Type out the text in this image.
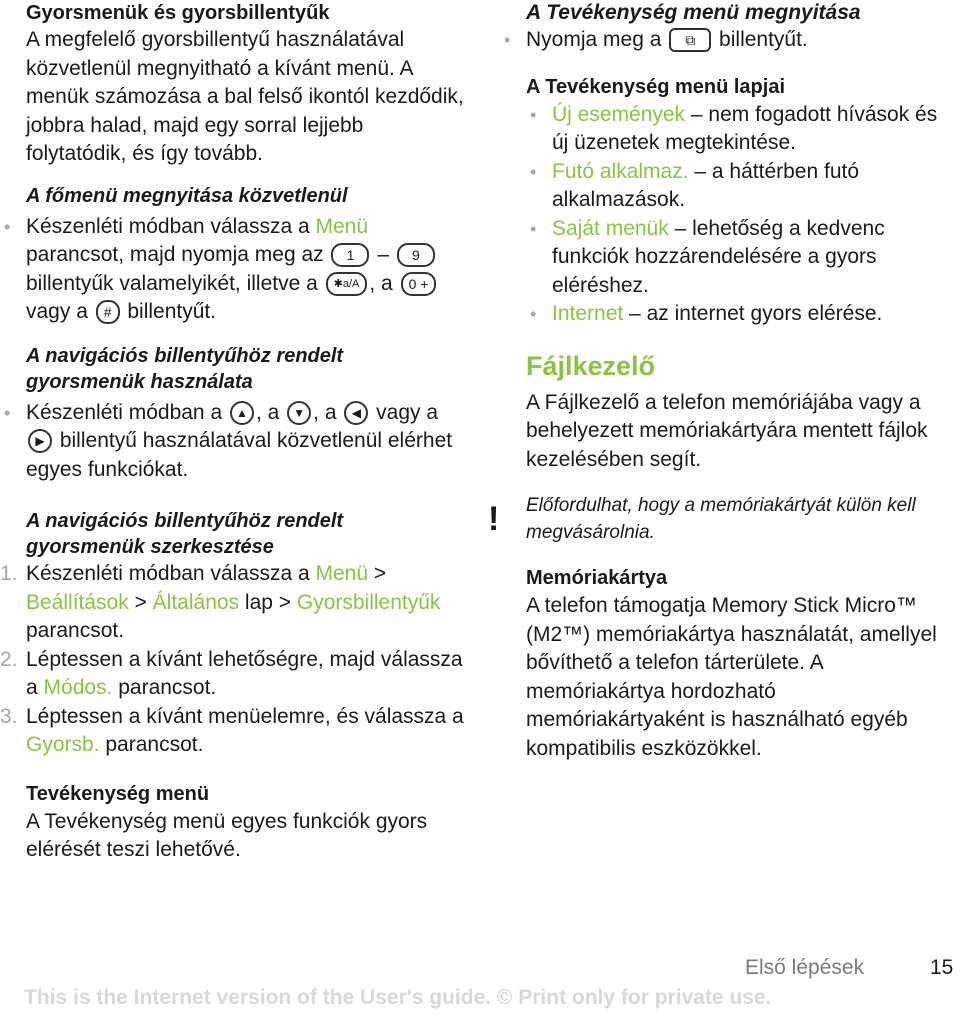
Gyorsmenük és gyorsbillentyűk

A megfelelő gyorsbillentyű használatával közvetlenül megnyitható a kívánt menü. A menük számozása a bal felső ikontól kezdődik, jobbra halad, majd egy sorral lejjebb folytatódik, és így tovább.

A főmenü megnyitása közvetlenül

• Készenléti módban válassza a Menü parancsot, majd nyomja meg az 1 – 9 billentyűk valamelyikét, illetve a ✱a/A , a 0 + vagy a # billentyűt.

A navigációs billentyűhöz rendelt gyorsmenük használata

• Készenléti módban a ▲ , a ▼ , a ◀ vagy a ▶ billentyű használatával közvetlenül elérhet egyes funkciókat.

A navigációs billentyűhöz rendelt gyorsmenük szerkesztése

1. Készenléti módban válassza a Menü > Beállítások > Általános lap > Gyorsbillentyűk parancsot.

2. Léptessen a kívánt lehetőségre, majd válassza a Módos. parancsot.

3. Léptessen a kívánt menüelemre, és válassza a Gyorsb. parancsot.

Tevékenység menü

A Tevékenység menü egyes funkciók gyors elérését teszi lehetővé.

A Tevékenység menü megnyitása

• Nyomja meg a ⧉ billentyűt.

A Tevékenység menü lapjai

• Új események – nem fogadott hívások és új üzenetek megtekintése.

• Futó alkalmaz. – a háttérben futó alkalmazások.

• Saját menük – lehetőség a kedvenc funkciók hozzárendelésére a gyors eléréshez.

• Internet – az internet gyors elérése.

Fájlkezelő

A Fájlkezelő a telefon memóriájába vagy a behelyezett memóriakártyára mentett fájlok kezelésében segít.

Előfordulhat, hogy a memóriakártyát külön kell megvásárolnia.

Memóriakártya

A telefon támogatja Memory Stick Micro™ (M2™) memóriakártya használatát, amellyel bővíthető a telefon tárterülete. A memóriakártya hordozható memóriakártyaként is használható egyéb kompatibilis eszközökkel.

!
Első lépések	15
This is the Internet version of the User's guide. © Print only for private use.
